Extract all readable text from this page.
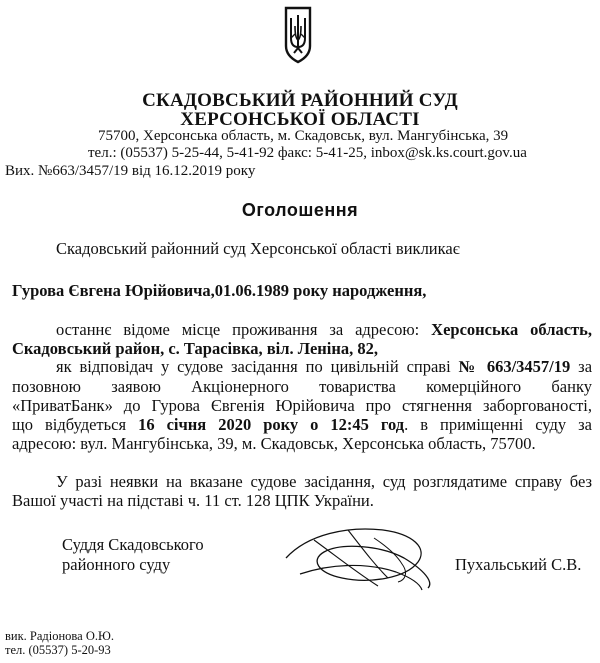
СКАДОВСЬКИЙ РАЙОННИЙ СУД
ХЕРСОНСЬКОЇ ОБЛАСТІ
75700, Херсонська область, м. Скадовськ, вул. Мангубінська, 39
тел.: (05537) 5-25-44, 5-41-92 факс: 5-41-25, inbox@sk.ks.court.gov.ua
Вих. №663/3457/19 від 16.12.2019 року
Оголошення
Скадовський районний суд Херсонської області викликає
Гурова Євгена Юрійовича,01.06.1989 року народження,
останнє відоме місце проживання за адресою: Херсонська область,
Скадовський район, с. Тарасівка, віл. Леніна, 82,
як відповідач у судове засідання по цивільній справі № 663/3457/19 за
позовною заявою Акціонерного товариства комерційного банку
«ПриватБанк» до Гурова Євгенія Юрійовича про стягнення заборгованості,
що відбудеться 16 січня 2020 року о 12:45 год. в приміщенні суду за
адресою: вул. Мангубінська, 39, м. Скадовськ, Херсонська область, 75700.
У разі неявки на вказане судове засідання, суд розглядатиме справу без
Вашої участі на підставі ч. 11 ст. 128 ЦПК України.
Суддя Скадовського
районного суду	Пухальський С.В.
вик. Радіонова О.Ю.
тел. (05537) 5-20-93
